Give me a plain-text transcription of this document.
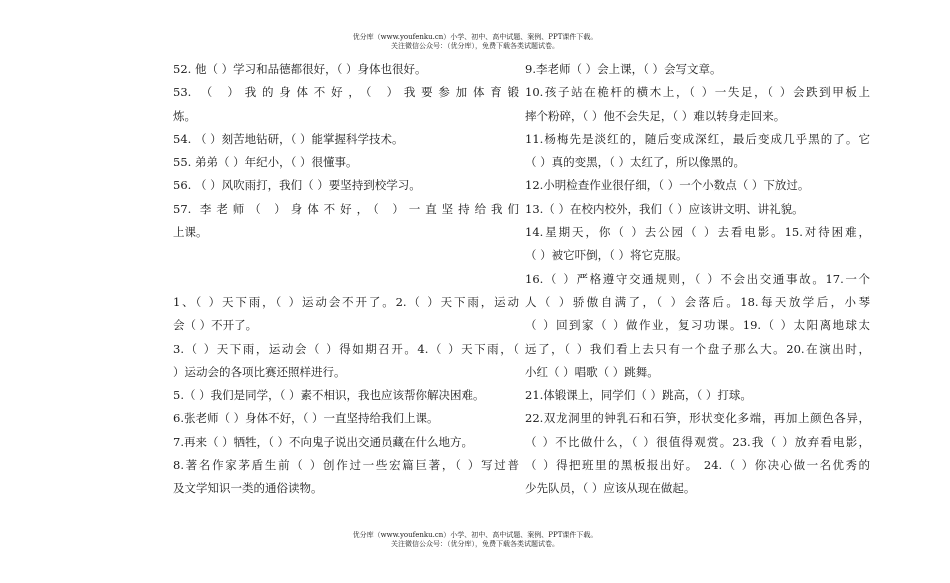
优分库（www.youfenku.cn）小学、初中、高中试题、案例、PPT课件下载。
关注微信公众号：（优分库），免费下载各类试题试卷。
52. 他（ ）学习和品德都很好，（ ）身体也很好。
53. （ ）我的身体不好，（ ）我要参加体育锻
炼。
54. （ ）刻苦地钻研，（ ）能掌握科学技术。
55. 弟弟（ ）年纪小，（ ）很懂事。
56. （ ）风吹雨打，我们（ ）要坚持到校学习。
57. 李老师（ ）身体不好，（ ）一直坚持给我们
上课。
1、（ ）天下雨，（ ）运动会不开了。2.（ ）天下雨，运动
会（ ）不开了。
3.（ ）天下雨，运动会（ ）得如期召开。4.（ ）天下雨，（
）运动会的各项比赛还照样进行。
5.（ ）我们是同学，（ ）素不相识，我也应该帮你解决困难。
6.张老师（ ）身体不好，（ ）一直坚持给我们上课。
7.再来（ ）牺牲，（ ）不向鬼子说出交通员藏在什么地方。
8.著名作家茅盾生前（ ）创作过一些宏篇巨著，（ ）写过普
及文学知识一类的通俗读物。
9.李老师（ ）会上课，（ ）会写文章。
10.孩子站在桅杆的横木上，（ ）一失足，（ ）会跌到甲板上
摔个粉碎，（ ）他不会失足，（ ）难以转身走回来。
11.杨梅先是淡红的，随后变成深红，最后变成几乎黑的了。它
（ ）真的变黑，（ ）太红了，所以像黑的。
12.小明检查作业很仔细，（ ）一个小数点（ ）下放过。
13.（ ）在校内校外，我们（ ）应该讲文明、讲礼貌。
14.星期天，你（ ）去公园（ ）去看电影。15.对待困难，
（ ）被它吓倒，（ ）将它克服。
16.（ ）严格遵守交通规则，（ ）不会出交通事故。17.一个
人（ ）骄傲自满了，（ ）会落后。18.每天放学后，小琴
（ ）回到家（ ）做作业，复习功课。19.（ ）太阳离地球太
远了，（ ）我们看上去只有一个盘子那么大。20.在演出时，
小红（ ）唱歌（ ）跳舞。
21.体锻课上，同学们（ ）跳高，（ ）打球。
22.双龙洞里的钟乳石和石笋，形状变化多端，再加上颜色各异，
（ ）不比做什么，（ ）很值得观赏。23.我（ ）放弃看电影，
（ ）得把班里的黑板报出好。 24.（ ）你决心做一名优秀的
少先队员，（ ）应该从现在做起。
优分库（www.youfenku.cn）小学、初中、高中试题、案例、PPT课件下载。
关注微信公众号：（优分库），免费下载各类试题试卷。
